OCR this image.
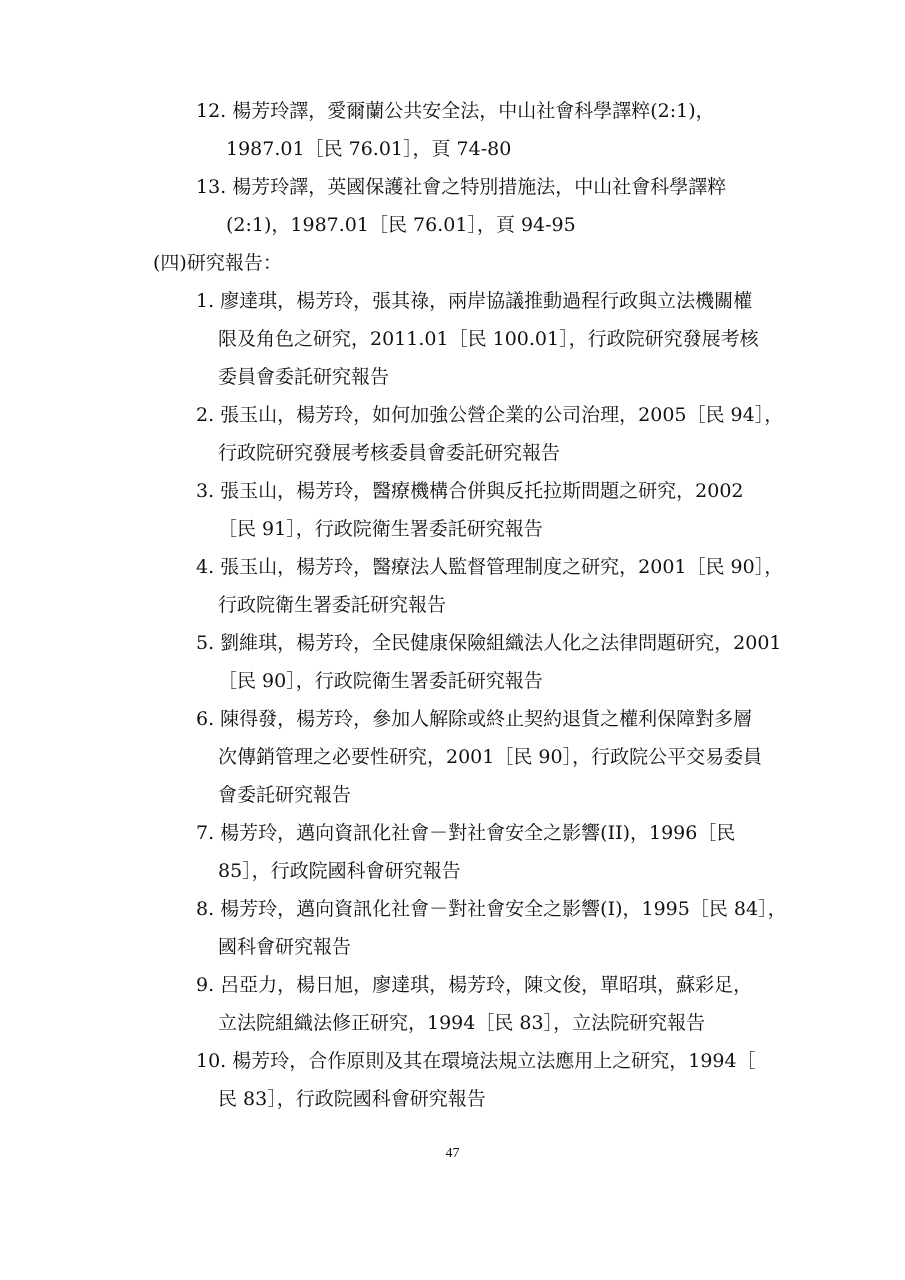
12. 楊芳玲譯，愛爾蘭公共安全法，中山社會科學譯粹(2:1)，
1987.01［民 76.01］，頁 74-80
13. 楊芳玲譯，英國保護社會之特別措施法，中山社會科學譯粹
(2:1)，1987.01［民 76.01］，頁 94-95
(四)研究報告：
1. 廖達琪，楊芳玲，張其祿，兩岸協議推動過程行政與立法機關權
限及角色之研究，2011.01［民 100.01］，行政院研究發展考核
委員會委託研究報告
2. 張玉山，楊芳玲，如何加強公營企業的公司治理，2005［民 94］，
行政院研究發展考核委員會委託研究報告
3. 張玉山，楊芳玲，醫療機構合併與反托拉斯問題之研究，2002
［民 91］，行政院衛生署委託研究報告
4. 張玉山，楊芳玲，醫療法人監督管理制度之研究，2001［民 90］，
行政院衛生署委託研究報告
5. 劉維琪，楊芳玲，全民健康保險組織法人化之法律問題研究，2001
［民 90］，行政院衛生署委託研究報告
6. 陳得發，楊芳玲，參加人解除或終止契約退貨之權利保障對多層
次傳銷管理之必要性研究，2001［民 90］，行政院公平交易委員
會委託研究報告
7. 楊芳玲，邁向資訊化社會－對社會安全之影響(II)，1996［民
85］，行政院國科會研究報告
8. 楊芳玲，邁向資訊化社會－對社會安全之影響(I)，1995［民 84］，
國科會研究報告
9. 呂亞力，楊日旭，廖達琪，楊芳玲，陳文俊，單昭琪，蘇彩足，
立法院組織法修正研究，1994［民 83］，立法院研究報告
10. 楊芳玲，合作原則及其在環境法規立法應用上之研究，1994［
民 83］，行政院國科會研究報告
47
